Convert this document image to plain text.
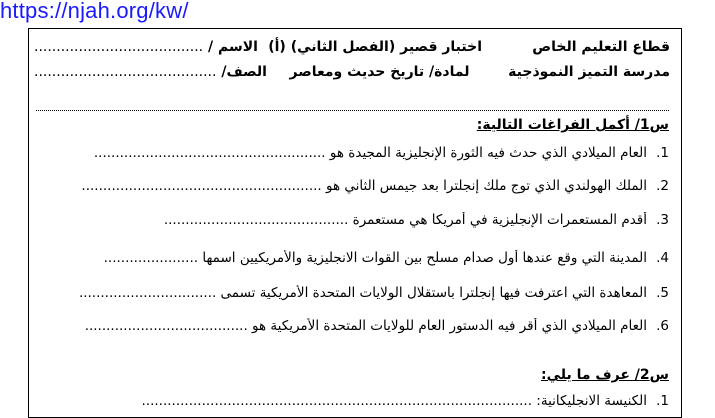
https://njah.org/kw/
قطاع التعليم الخاص
اختبار قصير (الفصل الثاني) (أ)
الاسم / ......................................
مدرسة التميز النموذجية
لمادة/ تاريخ حديث ومعاصر
الصف/ .........................................
س1/ أكمل الفراغات التالية:
1.العام الميلادي الذي حدث فيه الثورة الإنجليزية المجيدة هو ......................................................
2.الملك الهولندي الذي توج ملك إنجلترا بعد جيمس الثاني هو ........................................................
3.أقدم المستعمرات الإنجليزية في أمريكا هي مستعمرة ...........................................
4.المدينة التي وقع عندها أول صدام مسلح بين القوات الانجليزية والأمريكيين اسمها ......................
5.المعاهدة التي اعترفت فيها إنجلترا باستقلال الولايات المتحدة الأمريكية تسمى ................................
6.العام الميلادي الذي أقر فيه الدستور العام للولايات المتحدة الأمريكية هو ......................................
س2/ عرف ما يلي:
1.الكنيسة الانجليكانية: ...........................................................................................
